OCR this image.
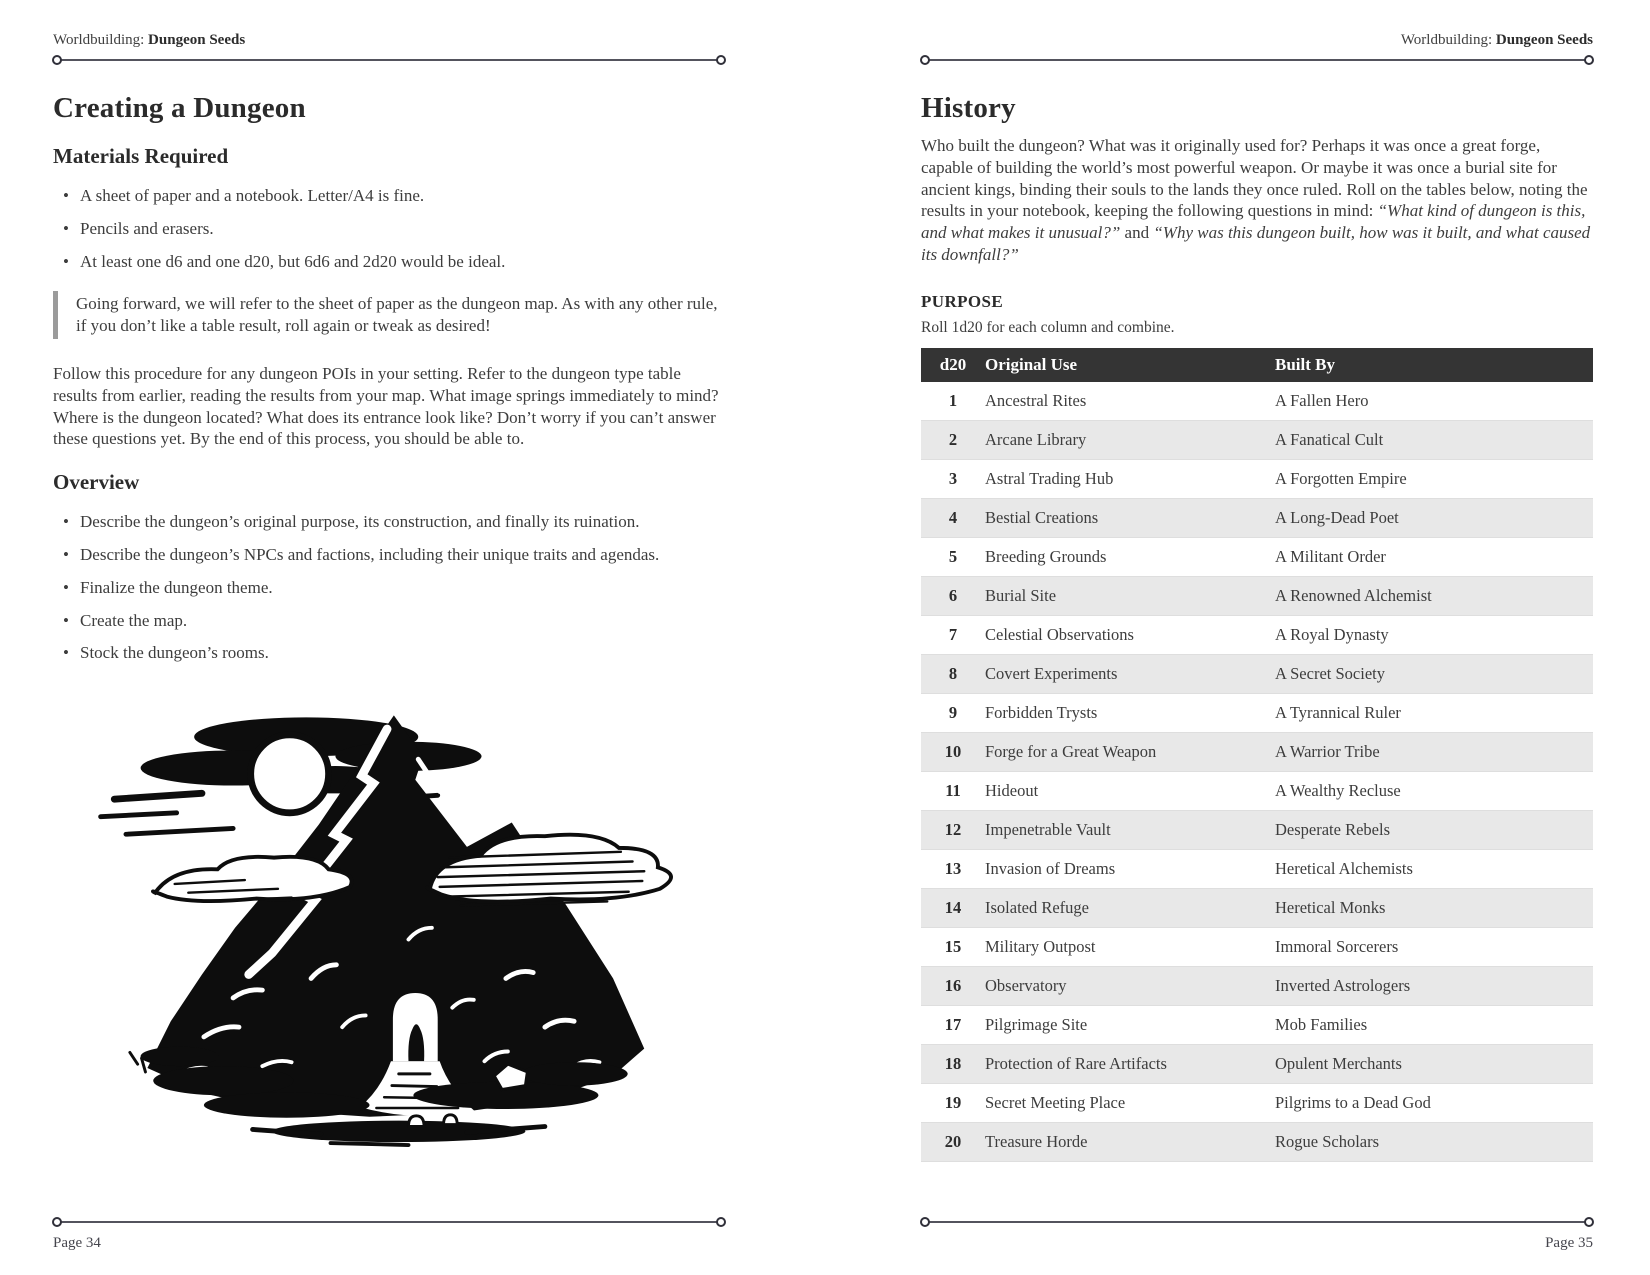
Worldbuilding: Dungeon Seeds
Creating a Dungeon
Materials Required
• A sheet of paper and a notebook. Letter/A4 is fine.
• Pencils and erasers.
• At least one d6 and one d20, but 6d6 and 2d20 would be ideal.
Going forward, we will refer to the sheet of paper as the dungeon map. As with any other rule, if you don’t like a table result, roll again or tweak as desired!

Follow this procedure for any dungeon POIs in your setting. Refer to the dungeon type table results from earlier, reading the results from your map. What image springs immediately to mind? Where is the dungeon located? What does its entrance look like? Don’t worry if you can’t answer these questions yet. By the end of this process, you should be able to.

Overview
• Describe the dungeon’s original purpose, its construction, and finally its ruination.
• Describe the dungeon’s NPCs and factions, including their unique traits and agendas.
• Finalize the dungeon theme.
• Create the map.
• Stock the dungeon’s rooms.
Page 34
Worldbuilding: Dungeon Seeds
History

Who built the dungeon? What was it originally used for? Perhaps it was once a great forge, capable of building the world’s most powerful weapon. Or maybe it was once a burial site for ancient kings, binding their souls to the lands they once ruled. Roll on the tables below, noting the results in your notebook, keeping the following questions in mind: “What kind of dungeon is this, and what makes it unusual?” and “Why was this dungeon built, how was it built, and what caused its downfall?”

PURPOSE

Roll 1d20 for each column and combine.

d20	Original Use	Built By
1	Ancestral Rites	A Fallen Hero
2	Arcane Library	A Fanatical Cult
3	Astral Trading Hub	A Forgotten Empire
4	Bestial Creations	A Long-Dead Poet
5	Breeding Grounds	A Militant Order
6	Burial Site	A Renowned Alchemist
7	Celestial Observations	A Royal Dynasty
8	Covert Experiments	A Secret Society
9	Forbidden Trysts	A Tyrannical Ruler
10	Forge for a Great Weapon	A Warrior Tribe
11	Hideout	A Wealthy Recluse
12	Impenetrable Vault	Desperate Rebels
13	Invasion of Dreams	Heretical Alchemists
14	Isolated Refuge	Heretical Monks
15	Military Outpost	Immoral Sorcerers
16	Observatory	Inverted Astrologers
17	Pilgrimage Site	Mob Families
18	Protection of Rare Artifacts	Opulent Merchants
19	Secret Meeting Place	Pilgrims to a Dead God
20	Treasure Horde	Rogue Scholars
Page 35
